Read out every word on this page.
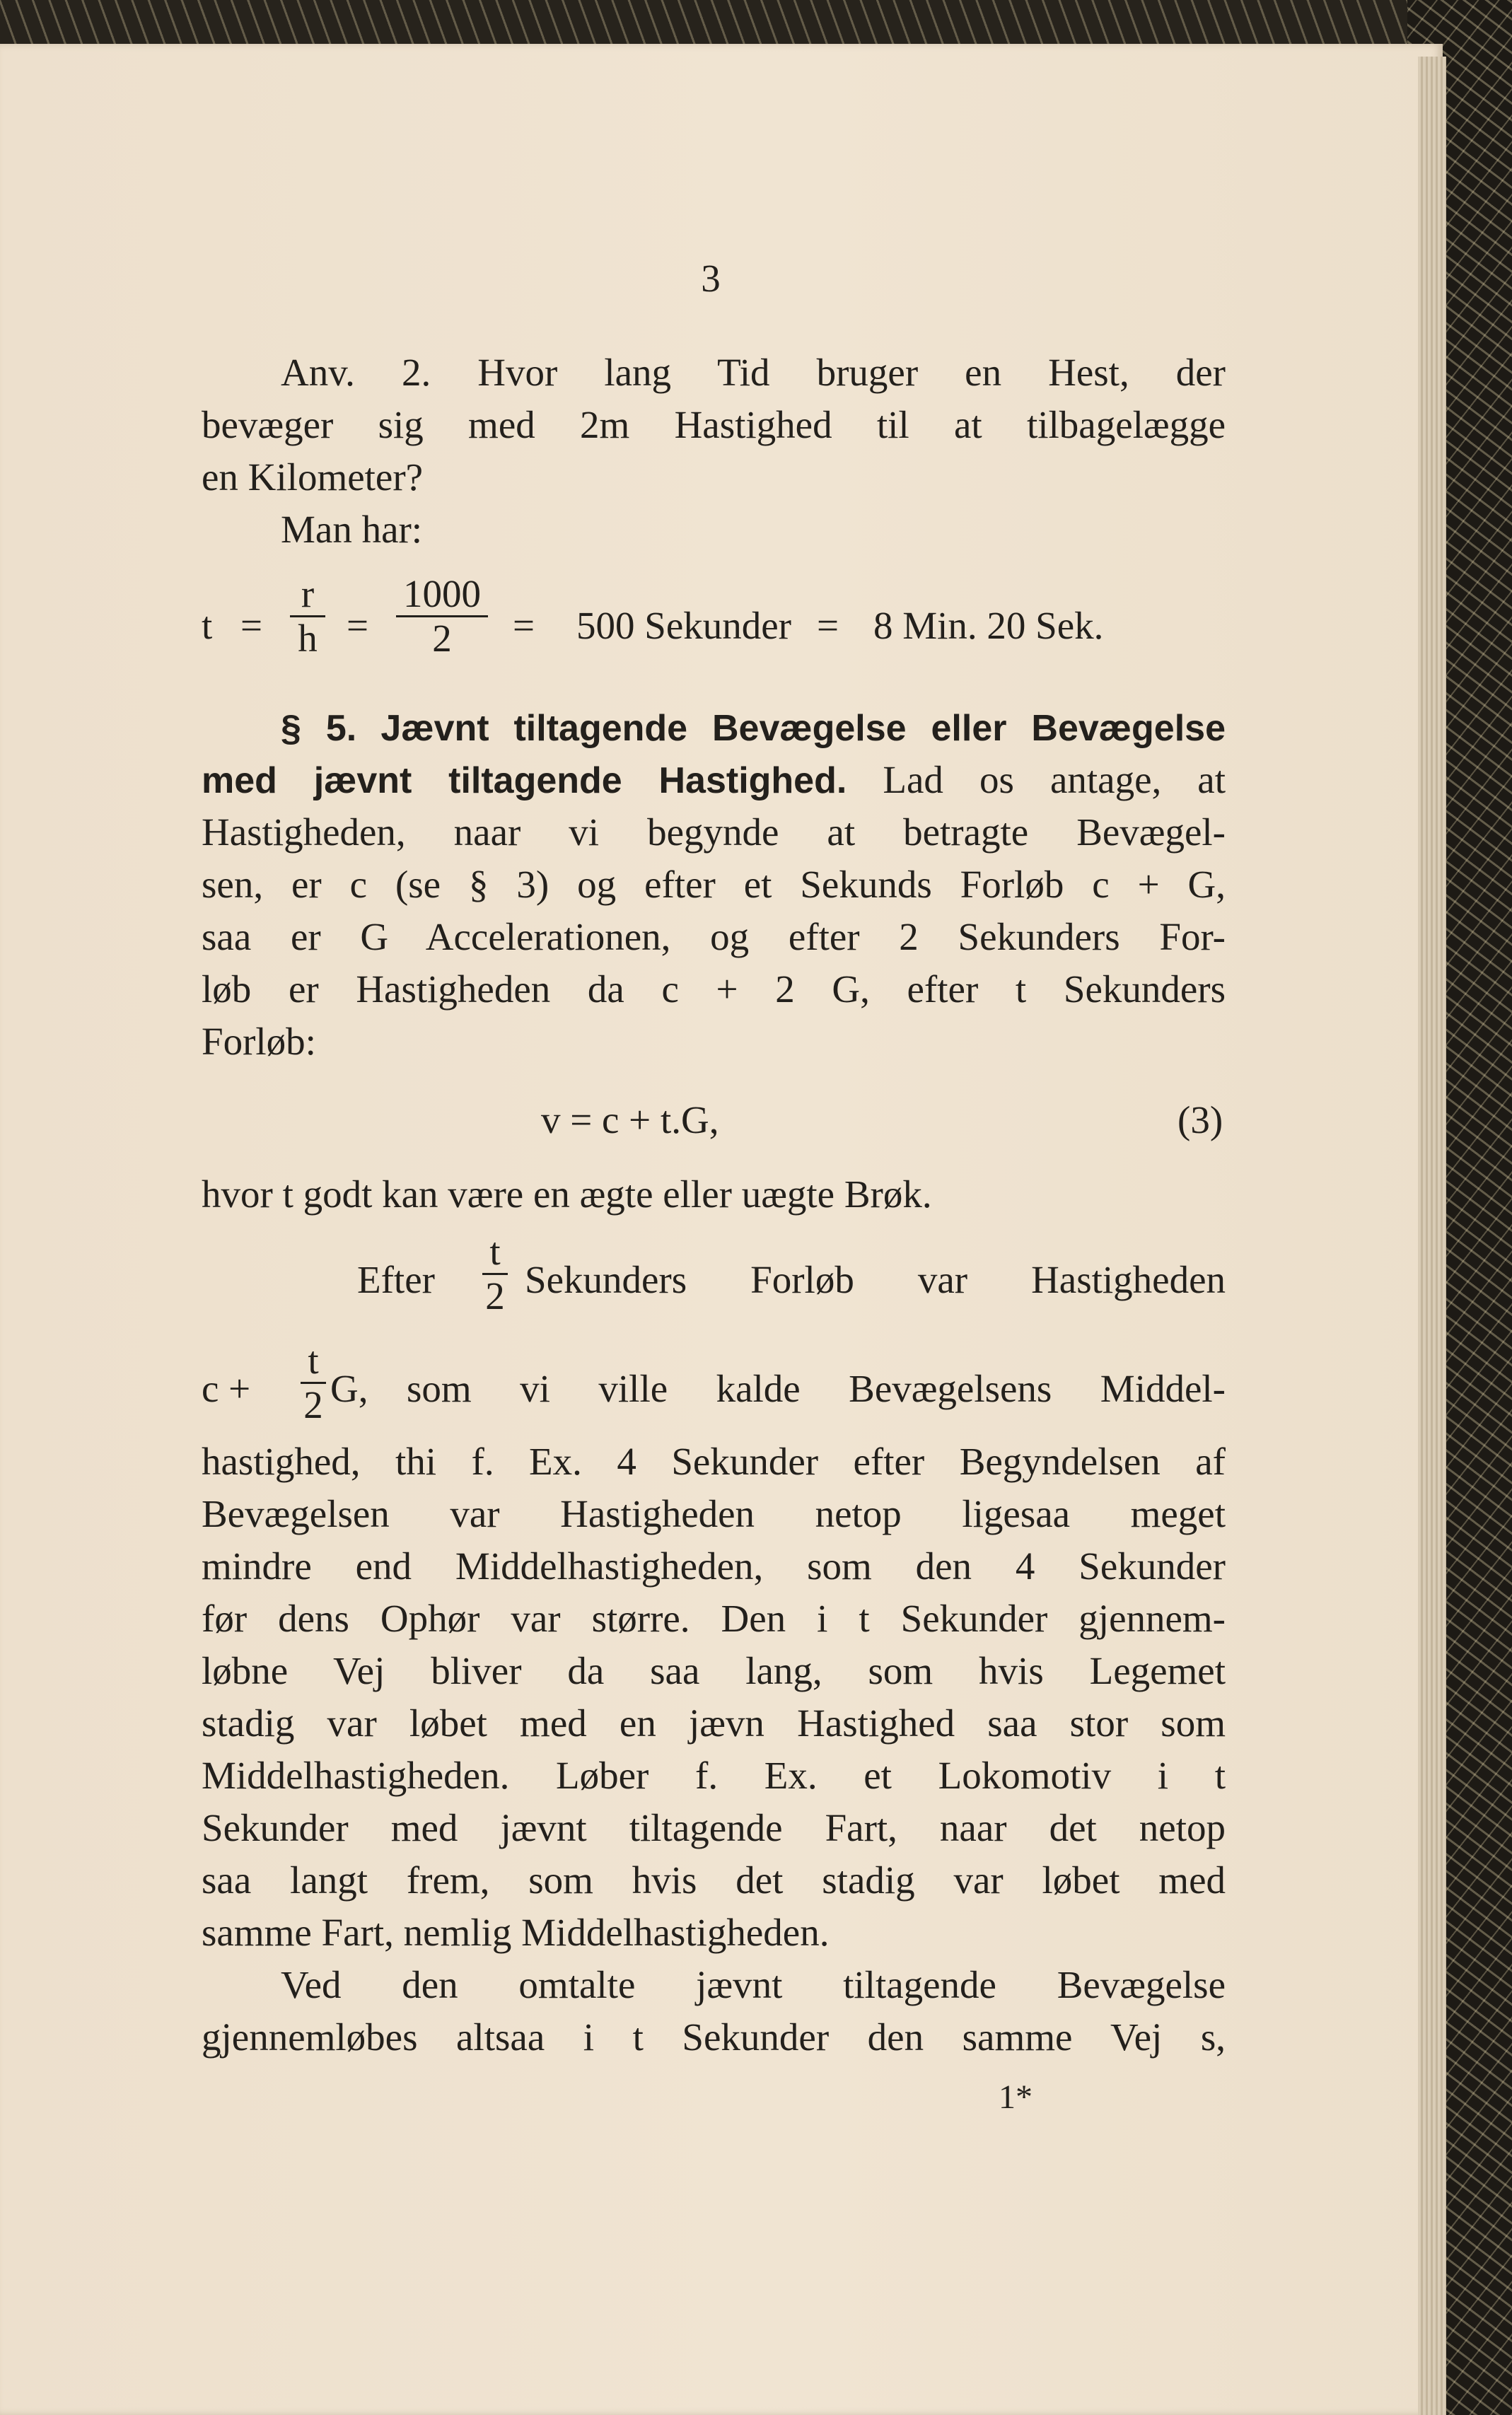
3
Anv. 2. Hvor lang Tid bruger en Hest, der
bevæger sig med 2m Hastighed til at tilbagelægge
en Kilometer?
Man har:
$t = \frac{r}{h} = \frac{1000}{2} = 500$ Sekunder = 8 Min. 20 Sek.
§ 5. Jævnt tiltagende Bevægelse eller Bevægelse
med jævnt tiltagende Hastighed. Lad os antage, at
Hastigheden, naar vi begynde at betragte Bevægel-
sen, er c (se § 3) og efter et Sekunds Forløb c + G,
saa er G Accelerationen, og efter 2 Sekunders For-
løb er Hastigheden da c + 2 G, efter t Sekunders
Forløb:
v = c + t.G,	(3)
hvor t godt kan være en ægte eller uægte Brøk.
Efter $\frac{t}{2}$ Sekunders Forløb var Hastigheden
$c + \frac{t}{2} G$, som vi ville kalde Bevægelsens Middel-
hastighed, thi f. Ex. 4 Sekunder efter Begyndelsen af
Bevægelsen var Hastigheden netop ligesaa meget
mindre end Middelhastigheden, som den 4 Sekunder
før dens Ophør var større. Den i t Sekunder gjennem-
løbne Vej bliver da saa lang, som hvis Legemet
stadig var løbet med en jævn Hastighed saa stor som
Middelhastigheden. Løber f. Ex. et Lokomotiv i t
Sekunder med jævnt tiltagende Fart, naar det netop
saa langt frem, som hvis det stadig var løbet med
samme Fart, nemlig Middelhastigheden.
Ved den omtalte jævnt tiltagende Bevægelse
gjennemløbes altsaa i t Sekunder den samme Vej s,
1*
